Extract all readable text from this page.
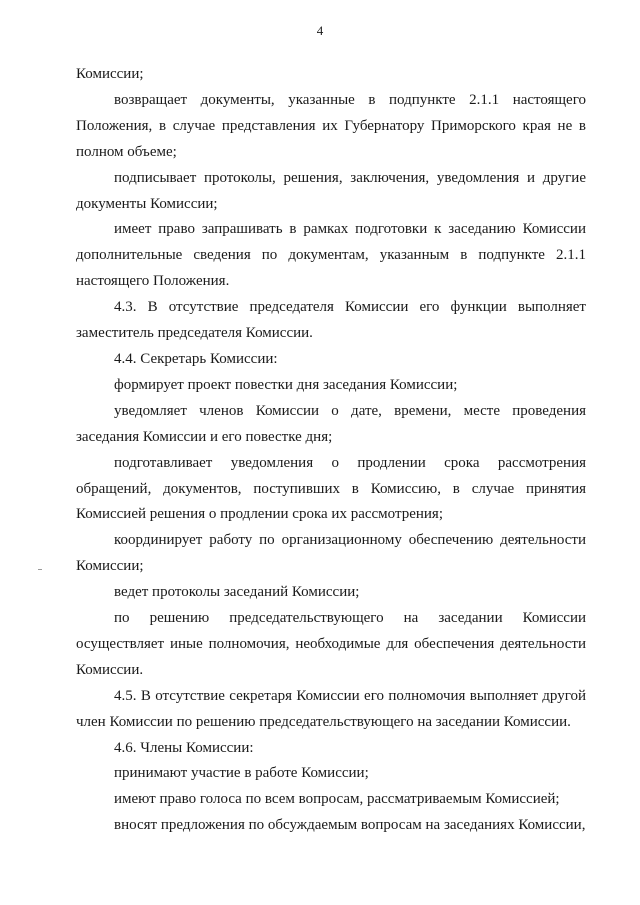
4

Комиссии;

возвращает документы, указанные в подпункте 2.1.1 настоящего Положения, в случае представления их Губернатору Приморского края не в полном объеме;

подписывает протоколы, решения, заключения, уведомления и другие документы Комиссии;

имеет право запрашивать в рамках подготовки к заседанию Комиссии дополнительные сведения по документам, указанным в подпункте 2.1.1 настоящего Положения.

4.3. В отсутствие председателя Комиссии его функции выполняет заместитель председателя Комиссии.

4.4. Секретарь Комиссии:

формирует проект повестки дня заседания Комиссии;

уведомляет членов Комиссии о дате, времени, месте проведения заседания Комиссии и его повестке дня;

подготавливает уведомления о продлении срока рассмотрения обращений, документов, поступивших в Комиссию, в случае принятия Комиссией решения о продлении срока их рассмотрения;

координирует работу по организационному обеспечению деятельности Комиссии;

ведет протоколы заседаний Комиссии;

по решению председательствующего на заседании Комиссии осуществляет иные полномочия, необходимые для обеспечения деятельности Комиссии.

4.5. В отсутствие секретаря Комиссии его полномочия выполняет другой член Комиссии по решению председательствующего на заседании Комиссии.

4.6. Члены Комиссии:

принимают участие в работе Комиссии;

имеют право голоса по всем вопросам, рассматриваемым Комиссией;

вносят предложения по обсуждаемым вопросам на заседаниях Комиссии,
